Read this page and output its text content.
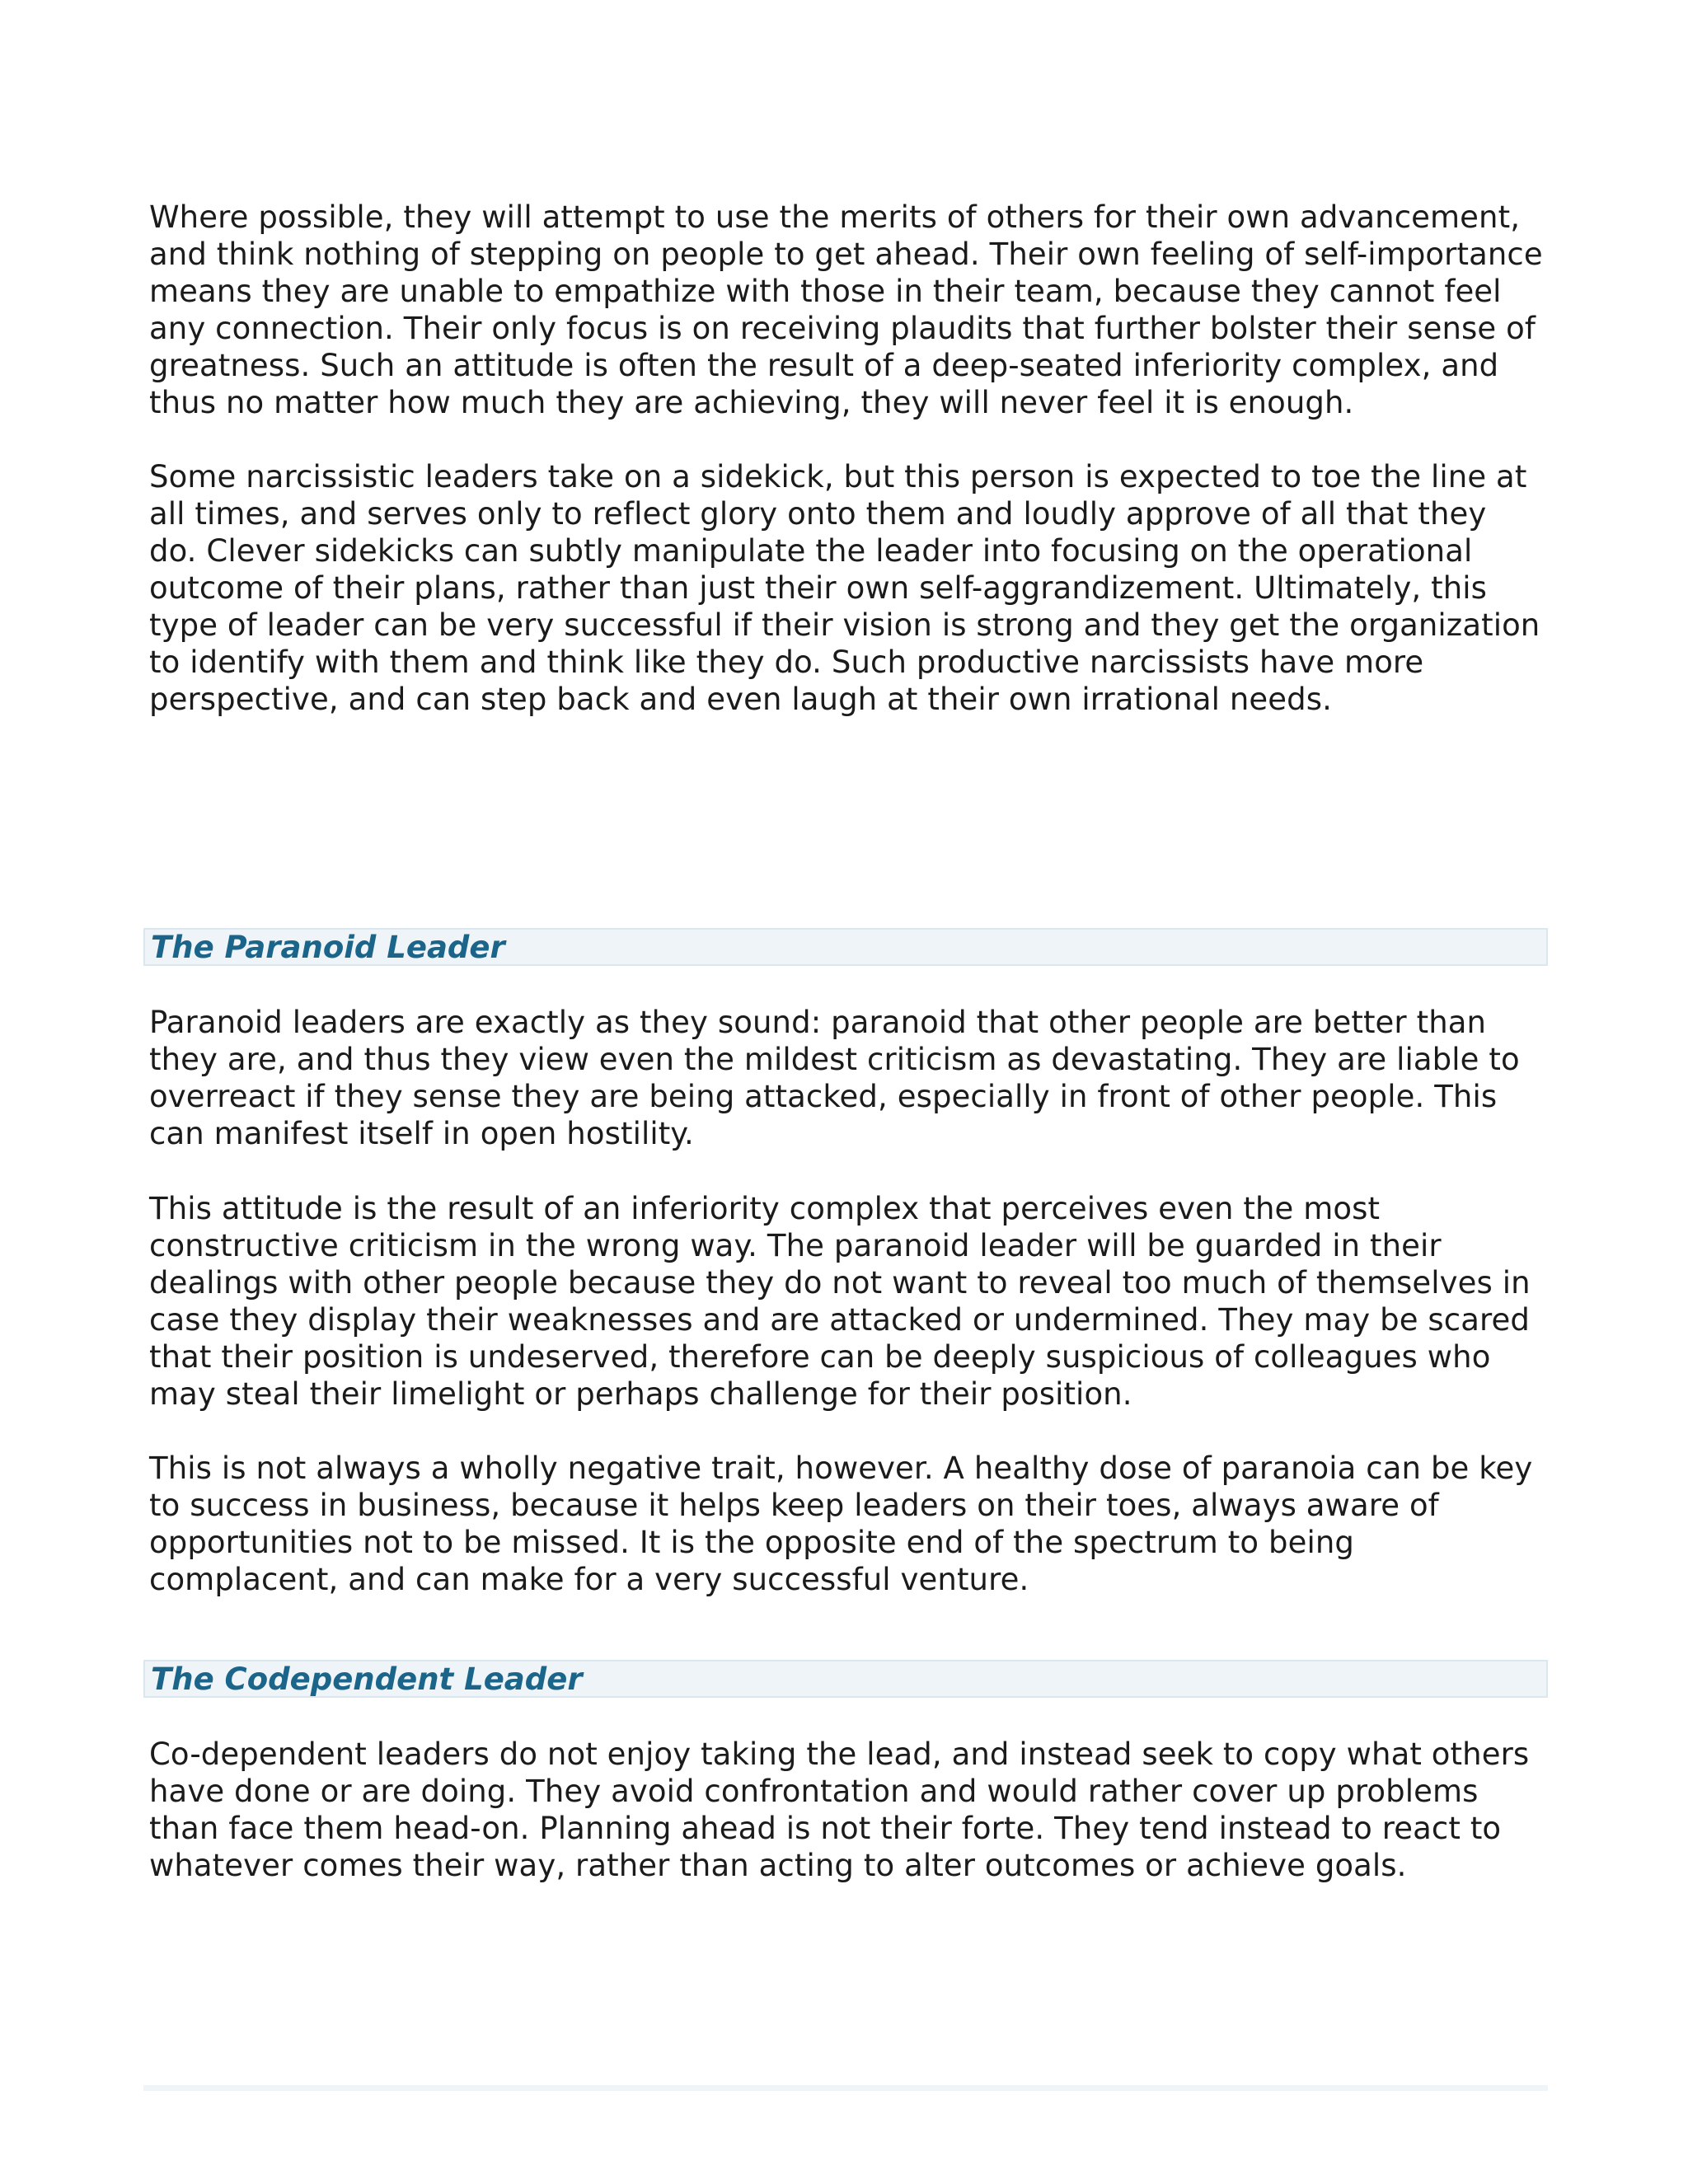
Where possible, they will attempt to use the merits of others for their own advancement,
and think nothing of stepping on people to get ahead. Their own feeling of self-importance
means they are unable to empathize with those in their team, because they cannot feel
any connection. Their only focus is on receiving plaudits that further bolster their sense of
greatness. Such an attitude is often the result of a deep-seated inferiority complex, and
thus no matter how much they are achieving, they will never feel it is enough.

Some narcissistic leaders take on a sidekick, but this person is expected to toe the line at
all times, and serves only to reflect glory onto them and loudly approve of all that they
do. Clever sidekicks can subtly manipulate the leader into focusing on the operational
outcome of their plans, rather than just their own self-aggrandizement. Ultimately, this
type of leader can be very successful if their vision is strong and they get the organization
to identify with them and think like they do. Such productive narcissists have more
perspective, and can step back and even laugh at their own irrational needs.

The Paranoid Leader

Paranoid leaders are exactly as they sound: paranoid that other people are better than
they are, and thus they view even the mildest criticism as devastating. They are liable to
overreact if they sense they are being attacked, especially in front of other people. This
can manifest itself in open hostility.

This attitude is the result of an inferiority complex that perceives even the most
constructive criticism in the wrong way. The paranoid leader will be guarded in their
dealings with other people because they do not want to reveal too much of themselves in
case they display their weaknesses and are attacked or undermined. They may be scared
that their position is undeserved, therefore can be deeply suspicious of colleagues who
may steal their limelight or perhaps challenge for their position.

This is not always a wholly negative trait, however. A healthy dose of paranoia can be key
to success in business, because it helps keep leaders on their toes, always aware of
opportunities not to be missed. It is the opposite end of the spectrum to being
complacent, and can make for a very successful venture.

The Codependent Leader

Co-dependent leaders do not enjoy taking the lead, and instead seek to copy what others
have done or are doing. They avoid confrontation and would rather cover up problems
than face them head-on. Planning ahead is not their forte. They tend instead to react to
whatever comes their way, rather than acting to alter outcomes or achieve goals.
